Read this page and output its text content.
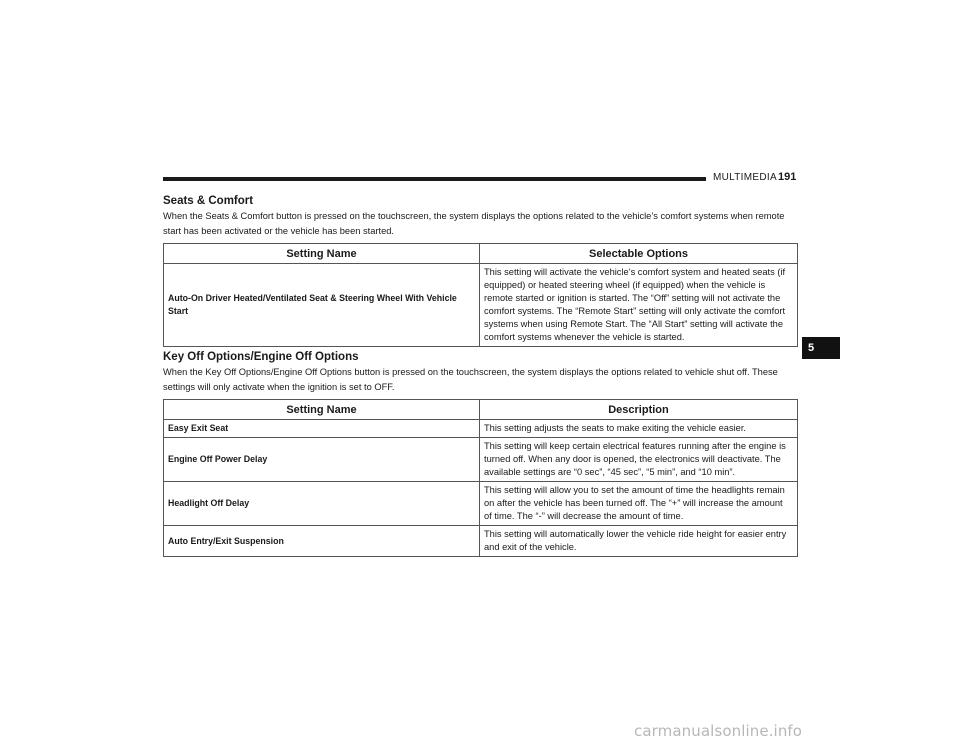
MULTIMEDIA 191
Seats & Comfort
When the Seats & Comfort button is pressed on the touchscreen, the system displays the options related to the vehicle’s comfort systems when remote start has been activated or the vehicle has been started.
Setting Name	Selectable Options
Auto-On Driver Heated/Ventilated Seat & Steering Wheel With Vehicle Start	This setting will activate the vehicle’s comfort system and heated seats (if equipped) or heated steering wheel (if equipped) when the vehicle is remote started or ignition is started. The “Off” setting will not activate the comfort systems. The “Remote Start” setting will only activate the comfort systems when using Remote Start. The “All Start” setting will activate the comfort systems whenever the vehicle is started.
Key Off Options/Engine Off Options
When the Key Off Options/Engine Off Options button is pressed on the touchscreen, the system displays the options related to vehicle shut off. These settings will only activate when the ignition is set to OFF.
Setting Name	Description
Easy Exit Seat	This setting adjusts the seats to make exiting the vehicle easier.
Engine Off Power Delay	This setting will keep certain electrical features running after the engine is turned off. When any door is opened, the electronics will deactivate. The available settings are “0 sec”, “45 sec”, “5 min”, and “10 min”.
Headlight Off Delay	This setting will allow you to set the amount of time the headlights remain on after the vehicle has been turned off. The “+” will increase the amount of time. The “-” will decrease the amount of time.
Auto Entry/Exit Suspension	This setting will automatically lower the vehicle ride height for easier entry and exit of the vehicle.
5
carmanualsonline.info
